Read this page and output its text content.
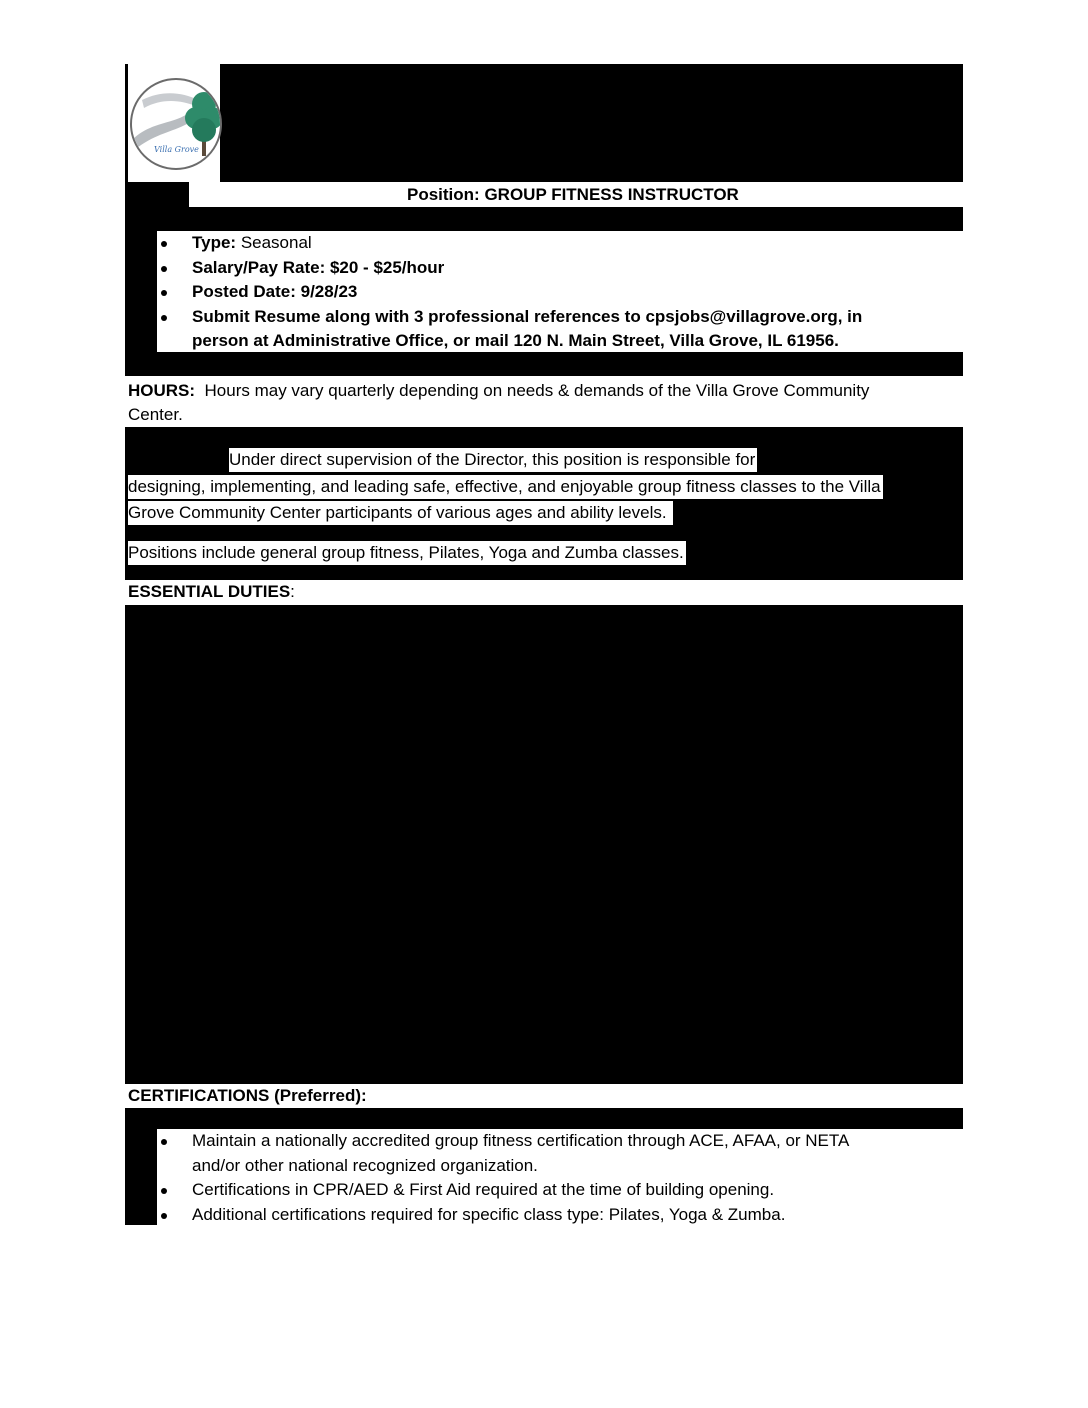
Villa Grove
Position: GROUP FITNESS INSTRUCTOR
Type: Seasonal
Salary/Pay Rate: $20 - $25/hour
Posted Date: 9/28/23
Submit Resume along with 3 professional references to cpsjobs@villagrove.org, in
person at Administrative Office, or mail 120 N. Main Street, Villa Grove, IL 61956.
HOURS: Hours may vary quarterly depending on needs & demands of the Villa Grove Community
Center.
Under direct supervision of the Director, this position is responsible for
designing, implementing, and leading safe, effective, and enjoyable group fitness classes to the Villa
Grove Community Center participants of various ages and ability levels.
Positions include general group fitness, Pilates, Yoga and Zumba classes.
ESSENTIAL DUTIES:
CERTIFICATIONS (Preferred):
Maintain a nationally accredited group fitness certification through ACE, AFAA, or NETA
and/or other national recognized organization.
Certifications in CPR/AED & First Aid required at the time of building opening.
Additional certifications required for specific class type: Pilates, Yoga & Zumba.
